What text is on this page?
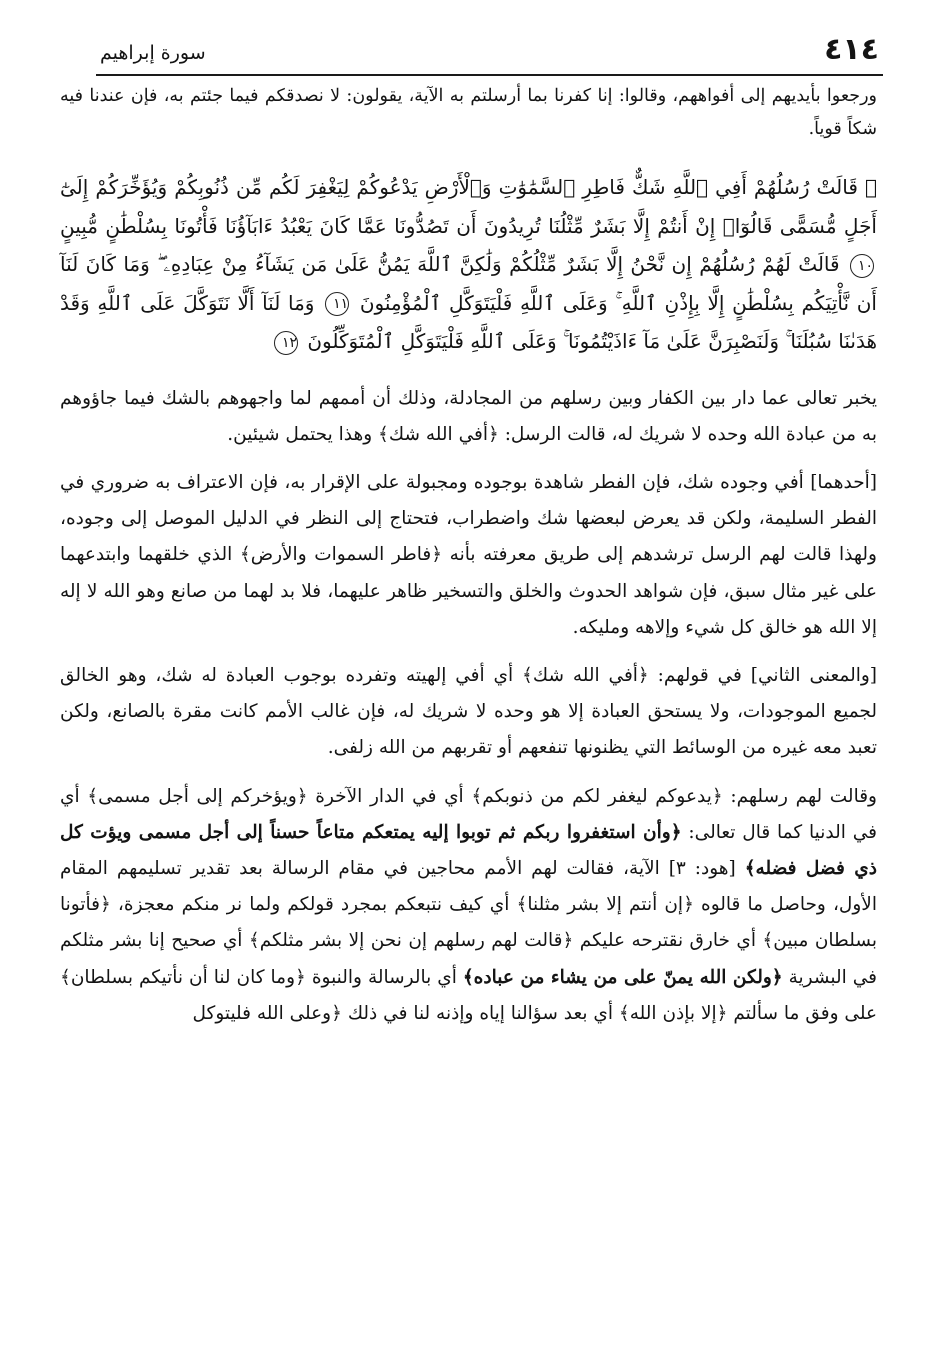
٤١٤
سورة إبراهيم

ورجعوا بأيديهم إلى أفواههم، وقالوا: إنا كفرنا بما أرسلتم به الآية، يقولون: لا نصدقكم فيما جئتم به، فإن عندنا فيه شكاً قوياً.

۞ قَالَتْ رُسُلُهُمْ أَفِي ٱللَّهِ شَكٌّ فَاطِرِ ٱلسَّمَٰوَٰتِ وَٱلْأَرْضِ يَدْعُوكُمْ لِيَغْفِرَ لَكُم مِّن ذُنُوبِكُمْ وَيُؤَخِّرَكُمْ إِلَىٰٓ أَجَلٍ مُّسَمًّى قَالُوٓا۟ إِنْ أَنتُمْ إِلَّا بَشَرٌ مِّثْلُنَا تُرِيدُونَ أَن تَصُدُّونَا عَمَّا كَانَ يَعْبُدُ ءَابَآؤُنَا فَأْتُونَا بِسُلْطَٰنٍ مُّبِينٍ ١٠ قَالَتْ لَهُمْ رُسُلُهُمْ إِن نَّحْنُ إِلَّا بَشَرٌ مِّثْلُكُمْ وَلَٰكِنَّ ٱللَّهَ يَمُنُّ عَلَىٰ مَن يَشَآءُ مِنْ عِبَادِهِۦ ۖ وَمَا كَانَ لَنَآ أَن نَّأْتِيَكُم بِسُلْطَٰنٍ إِلَّا بِإِذْنِ ٱللَّهِ ۚ وَعَلَى ٱللَّهِ فَلْيَتَوَكَّلِ ٱلْمُؤْمِنُونَ ١١ وَمَا لَنَآ أَلَّا نَتَوَكَّلَ عَلَى ٱللَّهِ وَقَدْ هَدَىٰنَا سُبُلَنَا ۚ وَلَنَصْبِرَنَّ عَلَىٰ مَآ ءَاذَيْتُمُونَا ۚ وَعَلَى ٱللَّهِ فَلْيَتَوَكَّلِ ٱلْمُتَوَكِّلُونَ ١٢

يخبر تعالى عما دار بين الكفار وبين رسلهم من المجادلة، وذلك أن أممهم لما واجهوهم بالشك فيما جاؤوهم به من عبادة الله وحده لا شريك له، قالت الرسل: ﴿أفي الله شك﴾ وهذا يحتمل شيئين.

[أحدهما] أفي وجوده شك، فإن الفطر شاهدة بوجوده ومجبولة على الإقرار به، فإن الاعتراف به ضروري في الفطر السليمة، ولكن قد يعرض لبعضها شك واضطراب، فتحتاج إلى النظر في الدليل الموصل إلى وجوده، ولهذا قالت لهم الرسل ترشدهم إلى طريق معرفته بأنه ﴿فاطر السموات والأرض﴾ الذي خلقهما وابتدعهما على غير مثال سبق، فإن شواهد الحدوث والخلق والتسخير ظاهر عليهما، فلا بد لهما من صانع وهو الله لا إله إلا الله هو خالق كل شيء وإلاهه ومليكه.

[والمعنى الثاني] في قولهم: ﴿أفي الله شك﴾ أي أفي إلهيته وتفرده بوجوب العبادة له شك، وهو الخالق لجميع الموجودات، ولا يستحق العبادة إلا هو وحده لا شريك له، فإن غالب الأمم كانت مقرة بالصانع، ولكن تعبد معه غيره من الوسائط التي يظنونها تنفعهم أو تقربهم من الله زلفى.

وقالت لهم رسلهم: ﴿يدعوكم ليغفر لكم من ذنوبكم﴾ أي في الدار الآخرة ﴿ويؤخركم إلى أجل مسمى﴾ أي في الدنيا كما قال تعالى: ﴿وأن استغفروا ربكم ثم توبوا إليه يمتعكم متاعاً حسناً إلى أجل مسمى ويؤت كل ذي فضل فضله﴾ [هود: ٣] الآية، فقالت لهم الأمم محاجين في مقام الرسالة بعد تقدير تسليمهم المقام الأول، وحاصل ما قالوه ﴿إن أنتم إلا بشر مثلنا﴾ أي كيف نتبعكم بمجرد قولكم ولما نر منكم معجزة، ﴿فأتونا بسلطان مبين﴾ أي خارق نقترحه عليكم ﴿قالت لهم رسلهم إن نحن إلا بشر مثلكم﴾ أي صحيح إنا بشر مثلكم في البشرية ﴿ولكن الله يمنّ على من يشاء من عباده﴾ أي بالرسالة والنبوة ﴿وما كان لنا أن نأتيكم بسلطان﴾ على وفق ما سألتم ﴿إلا بإذن الله﴾ أي بعد سؤالنا إياه وإذنه لنا في ذلك ﴿وعلى الله فليتوكل
